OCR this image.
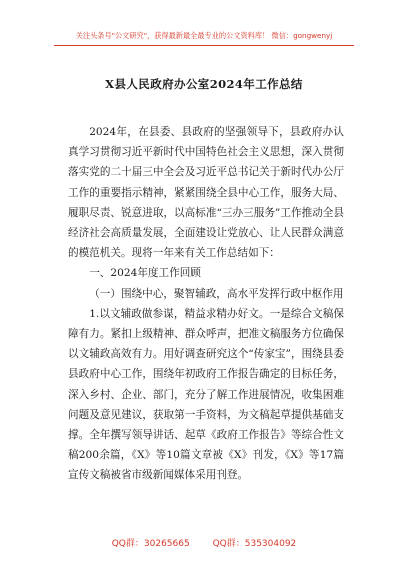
关注头条号"公文研究"，获得最新最全最专业的公文资料库！ 微信：gongwenyj
X县人民政府办公室2024年工作总结

2024年，在县委、县政府的坚强领导下，县政府办认真学习贯彻习近平新时代中国特色社会主义思想，深入贯彻落实党的二十届三中全会及习近平总书记关于新时代办公厅工作的重要指示精神，紧紧围绕全县中心工作，服务大局、履职尽责、锐意进取，以高标准“三办三服务”工作推动全县经济社会高质量发展，全面建设让党放心、让人民群众满意的模范机关。现将一年来有关工作总结如下：

一、2024年度工作回顾

（一）围绕中心，聚智辅政，高水平发挥行政中枢作用

1.以文辅政做参谋，精益求精办好文。一是综合文稿保障有力。紧扣上级精神、群众呼声，把准文稿服务方位确保以文辅政高效有力。用好调查研究这个“传家宝”，围绕县委县政府中心工作，围绕年初政府工作报告确定的目标任务，深入乡村、企业、部门，充分了解工作进展情况，收集困难问题及意见建议，获取第一手资料，为文稿起草提供基础支撑。全年撰写领导讲话、起草《政府工作报告》等综合性文稿200余篇，《X》等10篇文章被《X》刊发，《X》等17篇宣传文稿被省市级新闻媒体采用刊登。

QQ群：30265665	QQ群：535304092
